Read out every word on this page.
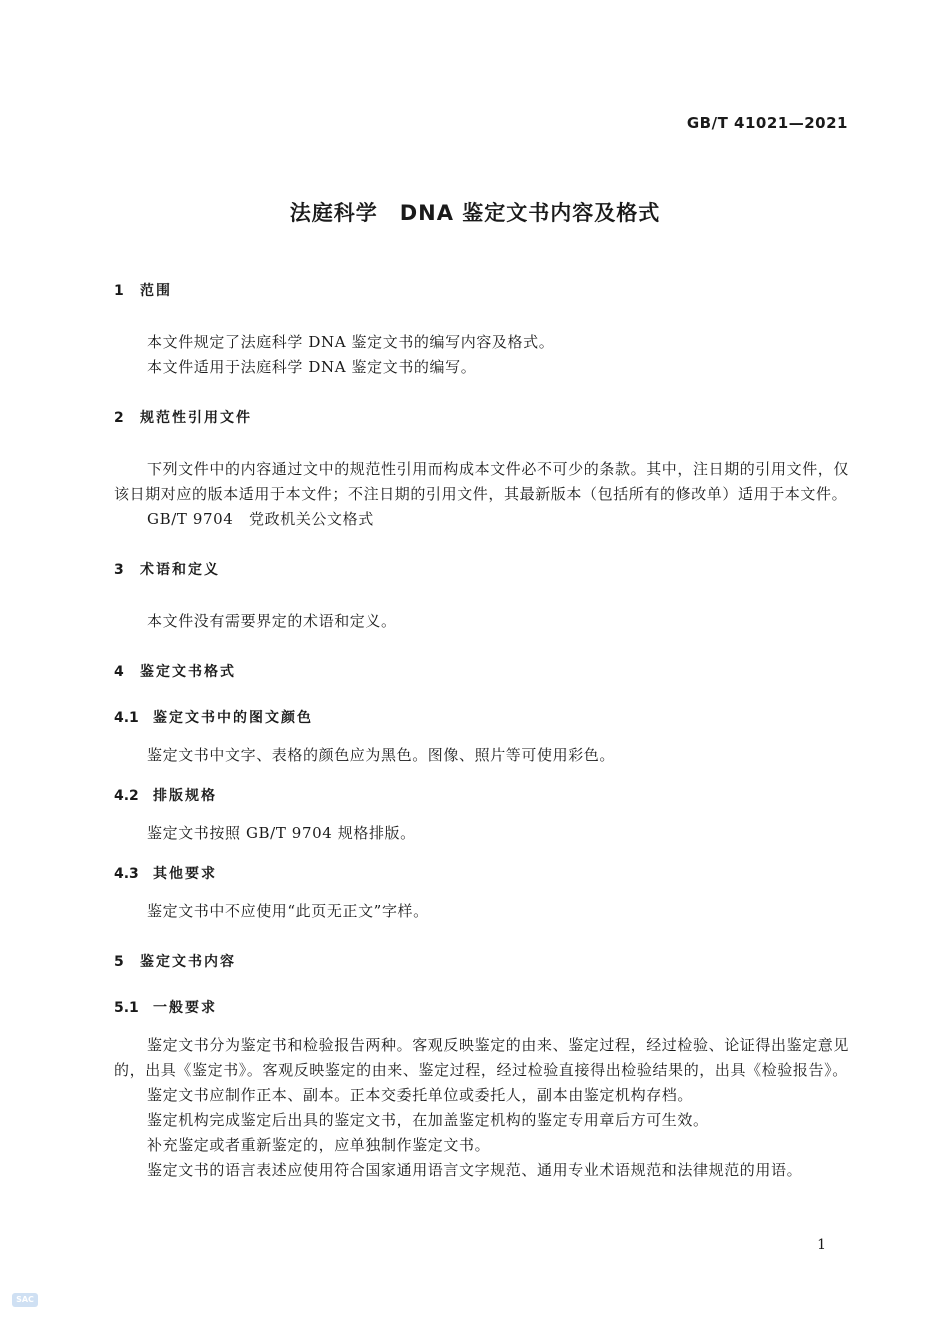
GB/T 41021—2021
法庭科学　DNA 鉴定文书内容及格式
1 范围

本文件规定了法庭科学 DNA 鉴定文书的编写内容及格式。

本文件适用于法庭科学 DNA 鉴定文书的编写。

2 规范性引用文件

下列文件中的内容通过文中的规范性引用而构成本文件必不可少的条款。其中，注日期的引用文件，仅该日期对应的版本适用于本文件；不注日期的引用文件，其最新版本（包括所有的修改单）适用于本文件。

GB/T 9704　 党政机关公文格式
3 术语和定义

本文件没有需要界定的术语和定义。

4 鉴定文书格式
4.1 鉴定文书中的图文颜色

鉴定文书中文字、表格的颜色应为黑色。图像、照片等可使用彩色。

4.2 排版规格

鉴定文书按照 GB/T 9704 规格排版。

4.3 其他要求

鉴定文书中不应使用“此页无正文”字样。

5 鉴定文书内容
5.1 一般要求

鉴定文书分为鉴定书和检验报告两种。客观反映鉴定的由来、鉴定过程，经过检验、论证得出鉴定意见的，出具《鉴定书》。客观反映鉴定的由来、鉴定过程，经过检验直接得出检验结果的，出具《检验报告》。

鉴定文书应制作正本、副本。正本交委托单位或委托人，副本由鉴定机构存档。

鉴定机构完成鉴定后出具的鉴定文书，在加盖鉴定机构的鉴定专用章后方可生效。

补充鉴定或者重新鉴定的，应单独制作鉴定文书。

鉴定文书的语言表述应使用符合国家通用语言文字规范、通用专业术语规范和法律规范的用语。

1
SAC
